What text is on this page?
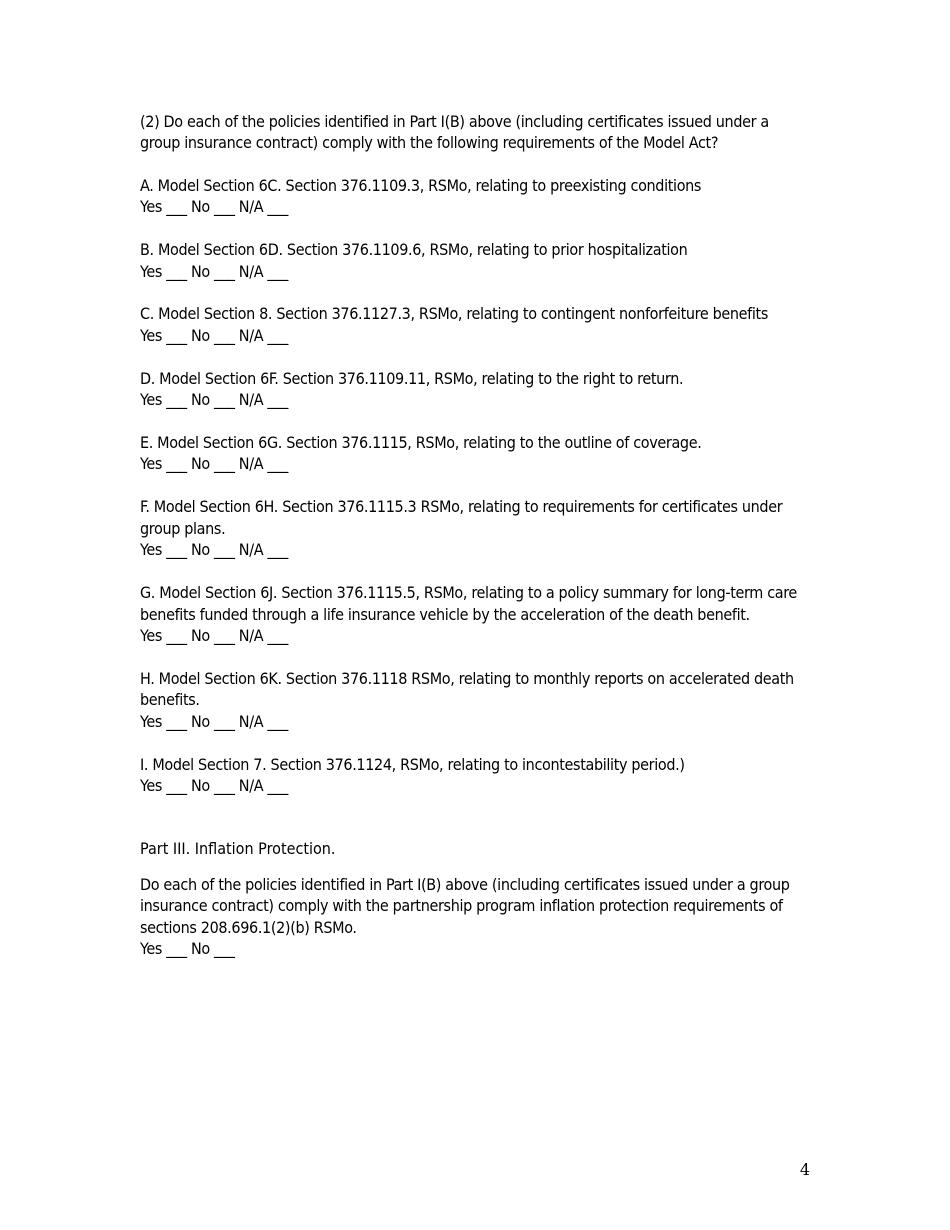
(2) Do each of the policies identified in Part I(B) above (including certificates issued under a group insurance contract) comply with the following requirements of the Model Act?

A. Model Section 6C. Section 376.1109.3, RSMo, relating to preexisting conditions

Yes ___ No ___ N/A ___

B. Model Section 6D. Section 376.1109.6, RSMo, relating to prior hospitalization

Yes ___ No ___ N/A ___

C. Model Section 8. Section 376.1127.3, RSMo, relating to contingent nonforfeiture benefits

Yes ___ No ___ N/A ___

D. Model Section 6F. Section 376.1109.11, RSMo, relating to the right to return.

Yes ___ No ___ N/A ___

E. Model Section 6G. Section 376.1115, RSMo, relating to the outline of coverage.

Yes ___ No ___ N/A ___

F. Model Section 6H. Section 376.1115.3 RSMo, relating to requirements for certificates under group plans.

Yes ___ No ___ N/A ___

G. Model Section 6J. Section 376.1115.5, RSMo, relating to a policy summary for long-term care benefits funded through a life insurance vehicle by the acceleration of the death benefit.

Yes ___ No ___ N/A ___

H. Model Section 6K. Section 376.1118 RSMo, relating to monthly reports on accelerated death benefits.

Yes ___ No ___ N/A ___

I. Model Section 7. Section 376.1124, RSMo, relating to incontestability period.)

Yes ___ No ___ N/A ___

Part III. Inflation Protection.

Do each of the policies identified in Part I(B) above (including certificates issued under a group insurance contract) comply with the partnership program inflation protection requirements of sections 208.696.1(2)(b) RSMo.

Yes ___ No ___

4
